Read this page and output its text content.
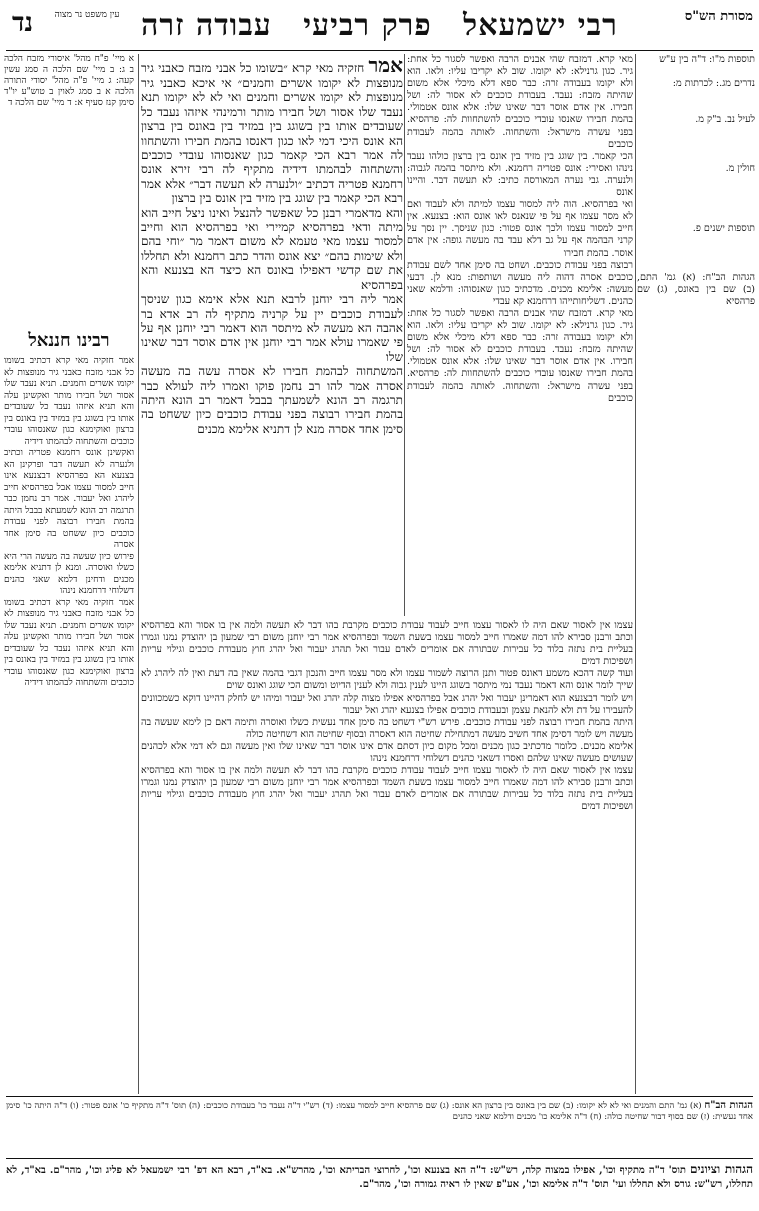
מסורת הש"ס
רבי ישמעאל פרק רביעי עבודה זרה
נד	עין משפט נר מצוה

תוספות מ"ו: ד"ה בין ע"ש

נדרים מג.: לכרתות מ:

לעיל נב. ב"ק מ.

חולין מ.

תוספות ישנים פ.

הגהות הב"ח: (א) גמ' התם, (ב) שם בין באונס, (ג) שם פרהסיא

מאי קרא. דמזבח שהי אבנים הרבה ואפשר לסגור כל אחת: גיר. כגון גרנילא: לא יקומו. שוב לא יקריבו עליו: ולאו. הוא ולא יקומו בעבודה זרה: כבר ספא דלא מיכלי אלא משום שהיתה מזבח: נעבד. בעבודת כוכבים לא אסור לה: ושל חבירו. אין אדם אוסר דבר שאינו שלו: אלא אונס אטמולי. בהמת חבירו שאנסו עובדי כוכבים להשתחוות לה: פרהסיא. בפני עשרה מישראל: והשתחוה. לאותה בהמה לעבודת כוכבים

הכי קאמר. בין שוגג בין מזיד בין אונס בין ברצון כולהו נעבד נינהו ואסירי: אונס פטריה רחמנא. ולא מיתסר בהמה לגבוה: ולנערה. גבי נערה המאורסה כתיב: לא תעשה דבר. והיינו אונס

ואי בפרהסיא. הוה ליה למסור עצמו למיתה ולא לעבוד ואם לא מסר עצמו אף על פי שנאנס לאו אונס הוא: בצנעא. אין חייב למסור עצמו ולכך אונס פטור: כגון שניסך. יין נסך על קרני הבהמה אף על גב דלא עבד בה מעשה גופה: אין אדם אוסר. בהמת חבירו

רבוצה בפני עבודת כוכבים. ושחט בה סימן אחד לשם עבודת כוכבים אסרה דהוה ליה מעשה ושותפות: מנא לן. דבעי מעשה: אלימא מכנים. מדכתיב כגון שאנסוהו: ודלמא שאני כהנים. דשליחותייהו דרחמנא קא עבדי

מאי קרא. דמזבח שהי אבנים הרבה ואפשר לסגור כל אחת: גיר. כגון גרנילא: לא יקומו. שוב לא יקריבו עליו: ולאו. הוא ולא יקומו בעבודה זרה: כבר ספא דלא מיכלי אלא משום שהיתה מזבח: נעבד. בעבודת כוכבים לא אסור לה: ושל חבירו. אין אדם אוסר דבר שאינו שלו: אלא אונס אטמולי. בהמת חבירו שאנסו עובדי כוכבים להשתחוות לה: פרהסיא. בפני עשרה מישראל: והשתחוה. לאותה בהמה לעבודת כוכבים

אמר חזקיה מאי קרא ״בשומו כל אבני מזבח כאבני גיר מנופצות לא יקומו אשרים וחמנים״ אי איכא כאבני גיר מנופצות לא יקומו אשרים וחמנים ואי לא לא יקומו תנא נעבד שלו אסור ושל חבירו מותר ורמינהי איזהו נעבד כל שעובדים אותו בין בשוגג בין במזיד בין באונס בין ברצון הא אונס היכי דמי לאו כגון דאנסו בהמת חבירו והשתחוו לה אמר רבא הכי קאמר כגון שאנסוהו עובדי כוכבים והשתחוה לבהמתו דידיה מתקיף לה רבי זירא אונס רחמנא פטריה דכתיב ״ולנערה לא תעשה דבר״ אלא אמר רבא הכי קאמר בין שוגג בין מזיד בין אונס בין ברצון

והא מדאמרי רבנן כל שאפשר להנצל ואינו ניצל חייב הוא מיתה ודאי בפרהסיא קמיירי ואי בפרהסיא הוא וחייב למסור עצמו מאי טעמא לא משום דאמר מר ״וחי בהם ולא שימות בהם״ יצא אונס והדר כתב רחמנא ולא תחללו את שם קדשי דאפילו באונס הא כיצד הא בצנעא והא בפרהסיא

אמר ליה רבי יוחנן לרבא תנא אלא אימא כגון שניסך לעבודת כוכבים יין על קרניה מתקיף לה רב אדא בר אהבה הא מעשה לא מיתסר הוא דאמר רבי יוחנן אף על פי שאמרו עולא אמר רבי יוחנן אין אדם אוסר דבר שאינו שלו

המשתחוה לבהמת חבירו לא אסרה עשה בה מעשה אסרה אמר להו רב נחמן פוקו ואמרו ליה לעולא כבר תרגמה רב הונא לשמעתך בבבל דאמר רב הונא היתה בהמת חבירו רבוצה בפני עבודת כוכבים כיון ששחט בה סימן אחד אסרה מנא לן דתניא אלימא מכנים

עצמו אין לאסור שאם היה לו לאסור עצמו חייב לעבוד עבודת כוכבים מקרבת בהו דבר לא תעשה ולמה אין בו אסור והא בפרהסיא וכתב ורבנן סבירא להו דמה שאמרו חייב למסור עצמו בשעת השמד ובפרהסיא אמר רבי יוחנן משום רבי שמעון בן יהוצדק נמנו וגמרו בעליית בית נתזה בלוד כל עבירות שבתורה אם אומרים לאדם עבור ואל תהרג יעבור ואל יהרג חוץ מעבודת כוכבים וגילוי עריות ושפיכות דמים

ועוד קשה דהכא משמע דאונס פטור ותנן הרוצה לשמור עצמו ולא מסר עצמו חייב והנכון דגבי בהמה שאין בה דעת ואין לה ליהרג לא שייך לומר אונס והא דאמר נעבד נמי מיתסר בשוגג היינו לענין גבוה ולא לענין הדיוט ומשום הכי שוגג ואונס שוים

ויש לומר דבצנעא הוא דאמרינן יעבור ואל יהרג אבל בפרהסיא אפילו מצוה קלה יהרג ואל יעבור ומיהו יש לחלק דהיינו דוקא כשמכוונים להעבירו על דת ולא להנאת עצמן ובעבודת כוכבים אפילו בצנעא יהרג ואל יעבור

היתה בהמת חבירו רבוצה לפני עבודת כוכבים. פירש רש"י דשחט בה סימן אחד נעשית כשלו ואוסרה ותימה דאם כן לימא שעשה בה מעשה ויש לומר דסימן אחד חשיב מעשה דמתחילת שחיטה הוא דאסרה ובסוף שחיטה הוא דשחיטה כולה

אלימא מכנים. כלומר מדכתיב כגון מכנים ומכל מקום כיון דסתם אדם אינו אוסר דבר שאינו שלו ואין מעשה וגם לא דמי אלא לכהנים שעושים מעשה שאינו שלהם ואסרו דשאני כהנים דשלוחי דרחמנא נינהו

עצמו אין לאסור שאם היה לו לאסור עצמו חייב לעבוד עבודת כוכבים מקרבת בהו דבר לא תעשה ולמה אין בו אסור והא בפרהסיא וכתב ורבנן סבירא להו דמה שאמרו חייב למסור עצמו בשעת השמד ובפרהסיא אמר רבי יוחנן משום רבי שמעון בן יהוצדק נמנו וגמרו בעליית בית נתזה בלוד כל עבירות שבתורה אם אומרים לאדם עבור ואל תהרג יעבור ואל יהרג חוץ מעבודת כוכבים וגילוי עריות ושפיכות דמים

א מיי' פ"ח מהל' איסורי מזבח הלכה ב ג: ב מיי' שם הלכה ה סמג עשין קעה: ג מיי' פ"ה מהל' יסודי התורה הלכה א ב סמג לאוין ב טוש"ע יו"ד סימן קנז סעיף א: ד מיי' שם הלכה ד

רבינו חננאל

אמר חזקיה מאי קרא דכתיב בשומו כל אבני מזבח כאבני גיר מנופצות לא יקומו אשרים וחמנים. תניא נעבד שלו אסור ושל חבירו מותר ואקשינן עלה והא תניא איזהו נעבד כל שעובדים אותו בין בשוגג בין במזיד בין באונס בין ברצון ואוקימנא כגון שאנסוהו עובדי כוכבים והשתחוה לבהמתו דידיה

ואקשינן אונס רחמנא פטריה וכתיב ולנערה לא תעשה דבר ופרקינן הא בצנעא הא בפרהסיא דבצנעא אינו חייב למסור עצמו אבל בפרהסיא חייב ליהרג ואל יעבור. אמר רב נחמן כבר תרגמה רב הונא לשמעתא בבבל היתה בהמת חבירו רבוצה לפני עבודת כוכבים כיון ששחט בה סימן אחד אסרה

פירוש כיון שעשה בה מעשה הרי היא כשלו ואוסרה. ומנא לן דתניא אלימא מכנים ודחינן דלמא שאני כהנים דשלוחי דרחמנא נינהו

אמר חזקיה מאי קרא דכתיב בשומו כל אבני מזבח כאבני גיר מנופצות לא יקומו אשרים וחמנים. תניא נעבד שלו אסור ושל חבירו מותר ואקשינן עלה והא תניא איזהו נעבד כל שעובדים אותו בין בשוגג בין במזיד בין באונס בין ברצון ואוקימנא כגון שאנסוהו עובדי כוכבים והשתחוה לבהמתו דידיה

הגהות הב"ח (א) גמ' התם והמנים ואי לא לא יקומו: (ב) שם בין באונס בין ברצון הא אונס: (ג) שם פרהסיא חייב למסור עצמו: (ד) רש"י ד"ה נעבד כו' בעבודת כוכבים: (ה) תוס' ד"ה מתקיף כו' אונס פטור: (ו) ד"ה היתה כו' סימן אחד נעשית: (ז) שם בסוף דבור שחיטה כולה: (ח) ד"ה אלימא כו' מכנים ודלמא שאני כהנים
הגהות וציונים תוס' ד"ה מתקיף וכו', אפילו במצוה קלה, רש"ש: ד"ה הא בצנעא וכו', לחרוצי הבריתא וכו', מהרש"א. בא"ד, רבא הא דפ' רבי ישמעאל לא פליג וכו', מהר"ם. בא"ד, לא תחללו, רש"ש: גורס ולא תחללו ועי' תוס' ד"ה אלימא וכו', אע"פ שאין לו ראיה גמורה וכו', מהר"ם.
